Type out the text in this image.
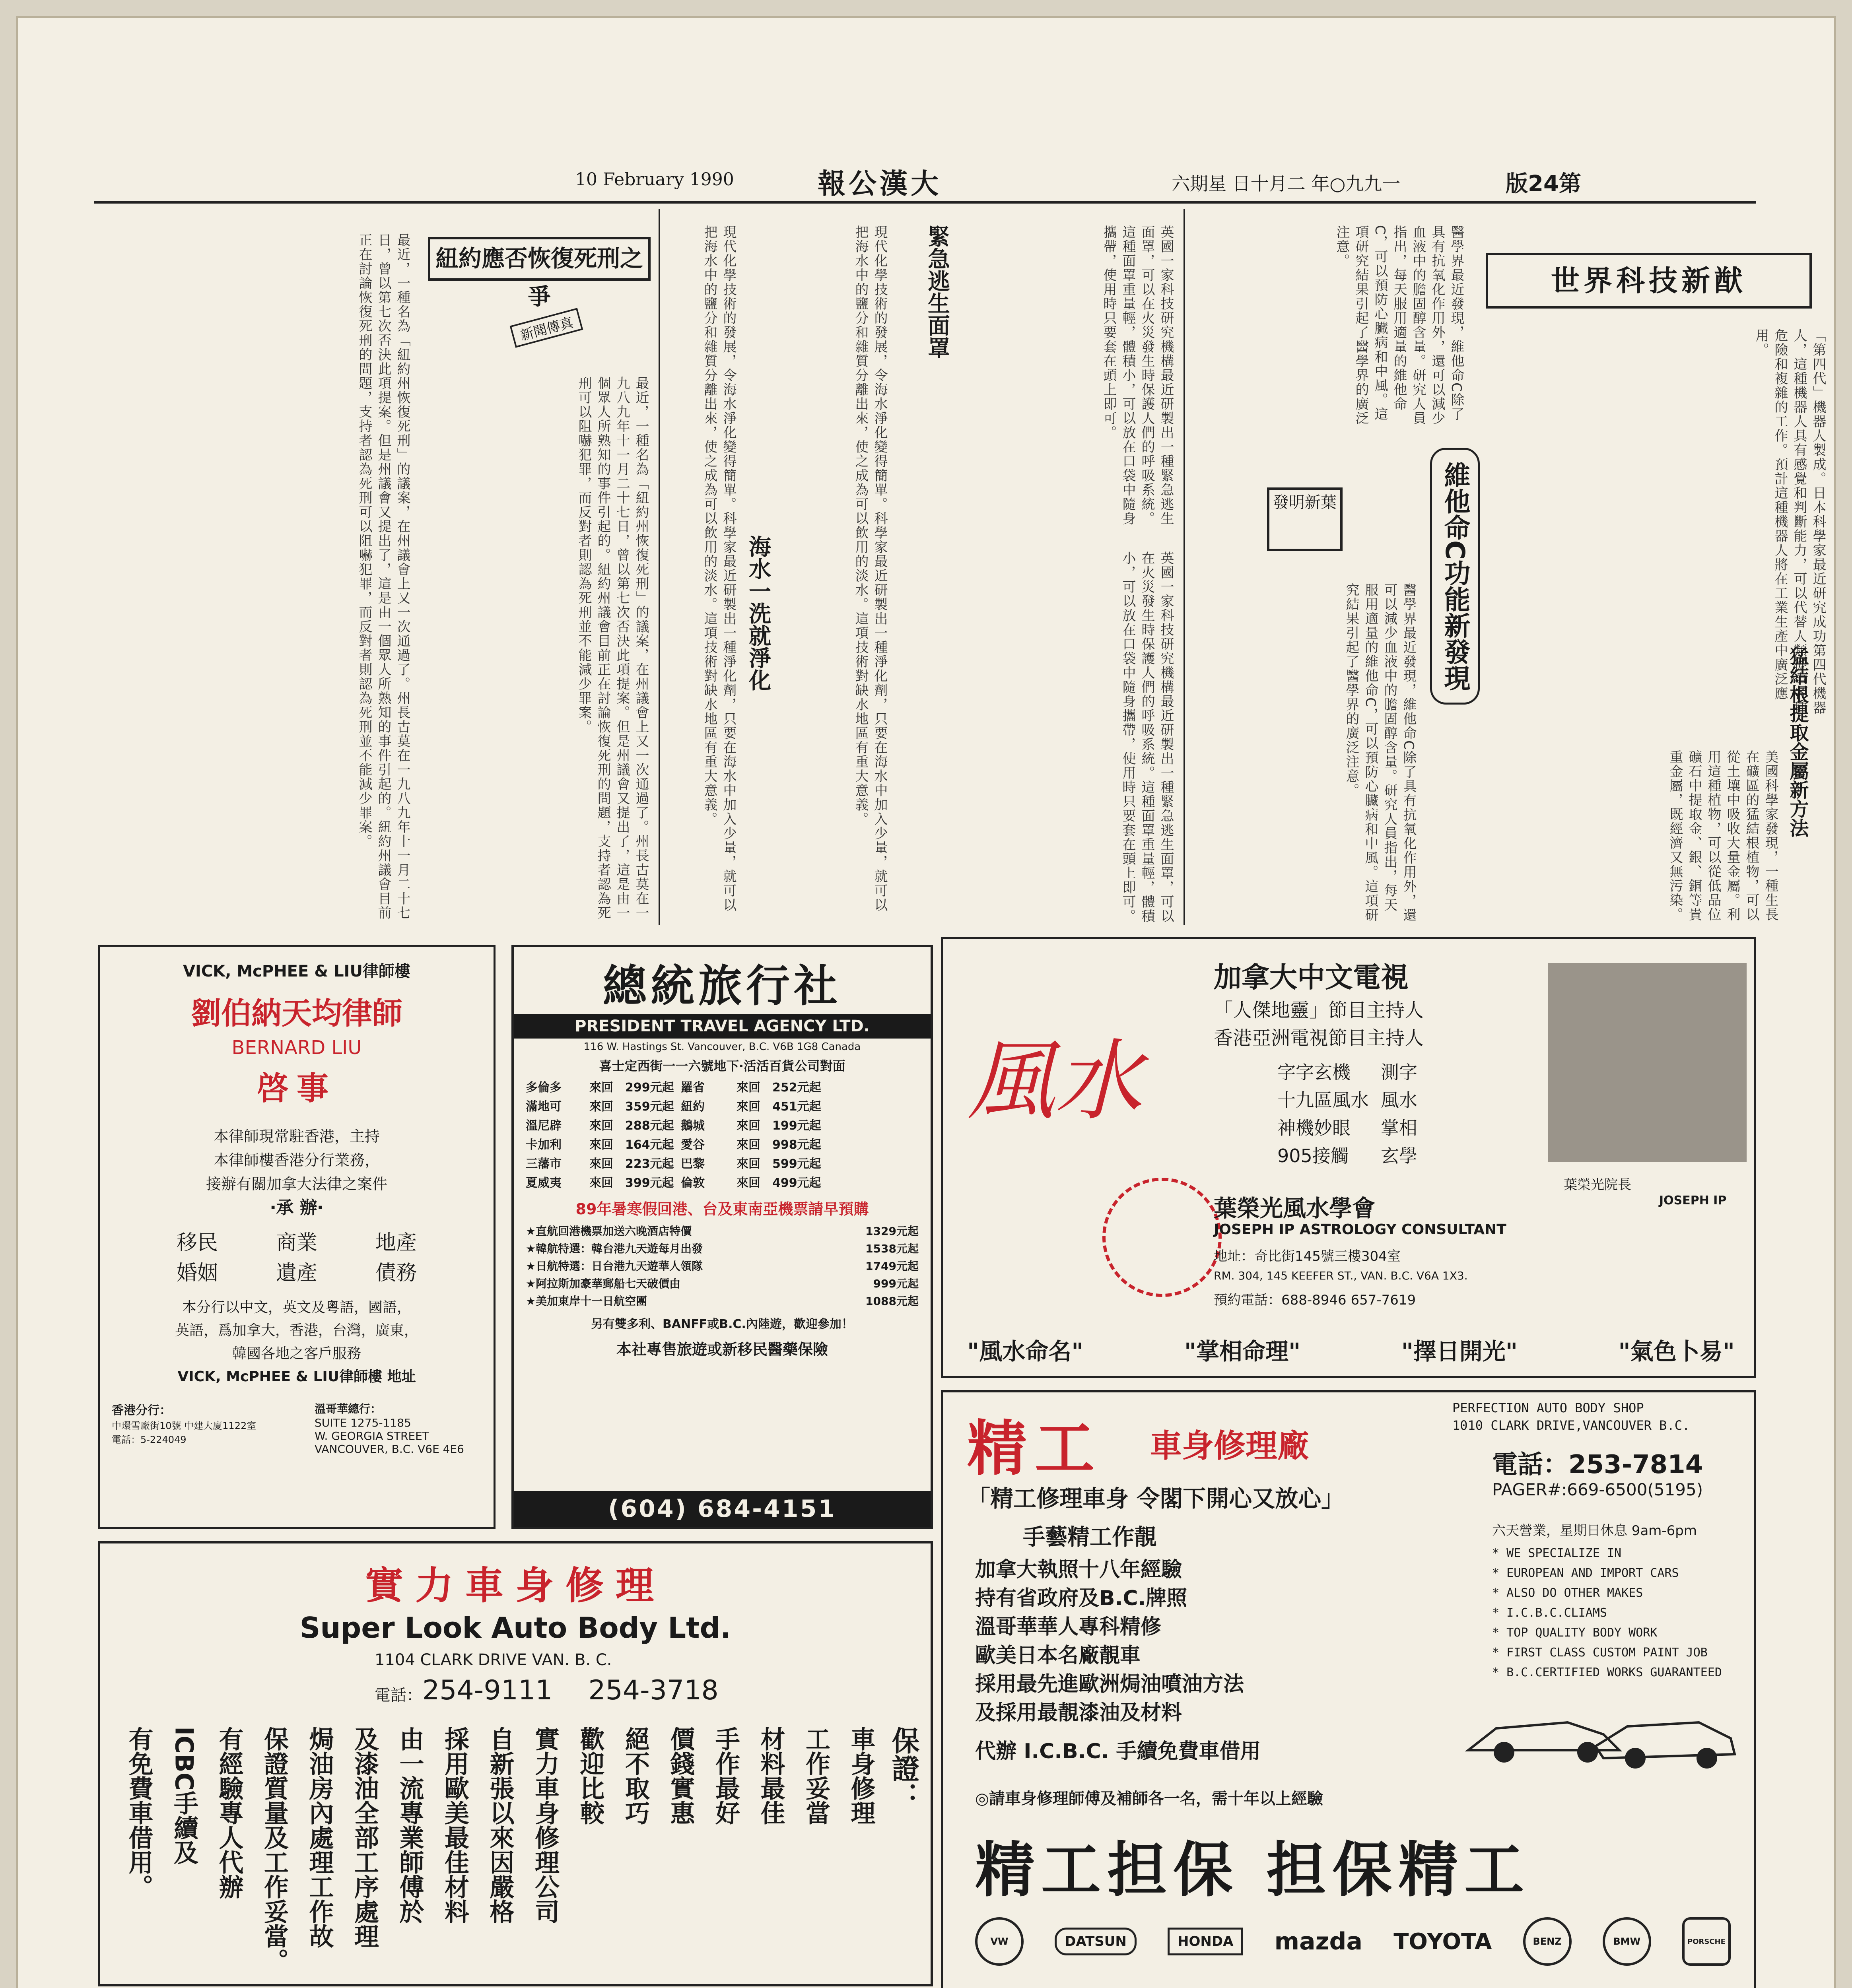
10 February 1990	報公漢大	六期星 日十月二 年○九九一	版24第
紐約應否恢復死刑之爭
新聞傳真
最近，一種名為「紐約州恢復死刑」的議案，在州議會上又一次通過了。州長古莫在一九八九年十一月二十七日，曾以第七次否決此項提案。但是州議會又提出了，這是由一個眾人所熟知的事件引起的。紐約州議會目前正在討論恢復死刑的問題，支持者認為死刑可以阻嚇犯罪，而反對者則認為死刑並不能減少罪案。	最近，一種名為「紐約州恢復死刑」的議案，在州議會上又一次通過了。州長古莫在一九八九年十一月二十七日，曾以第七次否決此項提案。但是州議會又提出了，這是由一個眾人所熟知的事件引起的。紐約州議會目前正在討論恢復死刑的問題，支持者認為死刑可以阻嚇犯罪，而反對者則認為死刑並不能減少罪案。	海水一洗就淨化
現代化學技術的發展，令海水淨化變得簡單。科學家最近研製出一種淨化劑，只要在海水中加入少量，就可以把海水中的鹽分和雜質分離出來，使之成為可以飲用的淡水。這項技術對缺水地區有重大意義。	現代化學技術的發展，令海水淨化變得簡單。科學家最近研製出一種淨化劑，只要在海水中加入少量，就可以把海水中的鹽分和雜質分離出來，使之成為可以飲用的淡水。這項技術對缺水地區有重大意義。	緊急逃生面罩	英國一家科技研究機構最近研製出一種緊急逃生面罩，可以在火災發生時保護人們的呼吸系統。這種面罩重量輕，體積小，可以放在口袋中隨身攜帶，使用時只要套在頭上即可。
英國一家科技研究機構最近研製出一種緊急逃生面罩，可以在火災發生時保護人們的呼吸系統。這種面罩重量輕，體積小，可以放在口袋中隨身攜帶，使用時只要套在頭上即可。
發明新葉	維他命C功能新發現
醫學界最近發現，維他命C除了具有抗氧化作用外，還可以減少血液中的膽固醇含量。研究人員指出，每天服用適量的維他命C，可以預防心臟病和中風。這項研究結果引起了醫學界的廣泛注意。
醫學界最近發現，維他命C除了具有抗氧化作用外，還可以減少血液中的膽固醇含量。研究人員指出，每天服用適量的維他命C，可以預防心臟病和中風。這項研究結果引起了醫學界的廣泛注意。
世界科技新猷
「第四代」機器人製成。日本科學家最近研究成功第四代機器人，這種機器人具有感覺和判斷能力，可以代替人類從事各種危險和複雜的工作。預計這種機器人將在工業生產中廣泛應用。
猛結根提取金屬新方法
美國科學家發現，一種生長在礦區的猛結根植物，可以從土壤中吸收大量金屬。利用這種植物，可以從低品位礦石中提取金、銀、銅等貴重金屬，既經濟又無污染。
VICK, McPHEE & LIU律師樓
劉伯納天均律師
BERNARD LIU
啓事
本律師現常駐香港，主持
本律師樓香港分行業務，
接辦有關加拿大法律之案件
‧承 辦‧
移民	商業	地產
婚姻	遺產	債務
本分行以中文，英文及粵語，國語，
英語，爲加拿大，香港，台灣，廣東，
韓國各地之客戶服務
VICK, McPHEE & LIU律師樓 地址
香港分行：
中環雪廠街10號 中建大廈1122室 電話：5-224049
溫哥華總行：
SUITE 1275-1185
W. GEORGIA STREET
VANCOUVER, B.C. V6E 4E6
總統旅行社
PRESIDENT TRAVEL AGENCY LTD.
116 W. Hastings St. Vancouver, B.C. V6B 1G8 Canada
喜士定西街一一六號地下‧活活百貨公司對面
多倫多	來回	299元起 羅省	來回	252元起
滿地可	來回	359元起 紐約	來回	451元起
溫尼辟	來回	288元起 鵝城	來回	199元起
卡加利	來回	164元起 愛谷	來回	998元起
三藩市	來回	223元起 巴黎	來回	599元起
夏威夷	來回	399元起 倫敦	來回	499元起
89年暑寒假回港、台及東南亞機票請早預購
★直航回港機票加送六晚酒店特價	1329元起
★韓航特選：韓台港九天遊每月出發	1538元起
★日航特選：日台港九天遊華人領隊	1749元起
★阿拉斯加豪華郵船七天破價由	999元起
★美加東岸十一日航空團	1088元起
另有雙多利、BANFF或B.C.內陸遊，歡迎參加！
本社專售旅遊或新移民醫藥保險
(604) 684-4151
風水
加拿大中文電視
「人傑地靈」節目主持人
香港亞洲電視節目主持人
字字玄機	測字
十九區風水 風水
神機妙眼	掌相
905接觸	玄學
葉榮光院長
JOSEPH IP
葉榮光風水學會
JOSEPH IP ASTROLOGY CONSULTANT
地址：奇比街145號三樓304室
RM. 304, 145 KEEFER ST., VAN. B.C. V6A 1X3.
預約電話：688-8946 657-7619
"風水命名"	"掌相命理"	"擇日開光"	"氣色卜易"
精工 車身修理廠
PERFECTION AUTO BODY SHOP
1010 CLARK DRIVE,VANCOUVER B.C.
電話：253-7814
PAGER#:669-6500(5195)
「精工修理車身 令閣下開心又放心」
手藝精工作靚	六天營業，星期日休息 9am-6pm
加拿大執照十八年經驗
持有省政府及B.C.牌照
溫哥華華人專科精修
歐美日本名廠靚車
採用最先進歐洲焗油噴油方法
及採用最靚漆油及材料
* WE SPECIALIZE IN
* EUROPEAN AND IMPORT CARS
* ALSO DO OTHER MAKES
* I.C.B.C.CLIAMS
* TOP QUALITY BODY WORK
* FIRST CLASS CUSTOM PAINT JOB
* B.C.CERTIFIED WORKS GUARANTEED
代辦 I.C.B.C. 手續免費車借用
◎請車身修理師傅及補師各一名，需十年以上經驗
精工担保 担保精工
VW	DATSUN	HONDA	mazda TOYOTA	BENZ	BMW	PORSCHE
實力車身修理
Super Look Auto Body Ltd.
1104 CLARK DRIVE VAN. B. C.
電話： 254-9111 254-3718
保證：
車身修理
工作妥當
材料最佳
手作最好
價錢實惠
絕不取巧
歡迎比較
實力車身修理公司
自新張以來因嚴格
採用歐美最佳材料
由一流專業師傅於
及漆油全部工序處理
焗油房內處理工作故
保證質量及工作妥當。
有經驗專人代辦
ICBC手續及
有免費車借用。
